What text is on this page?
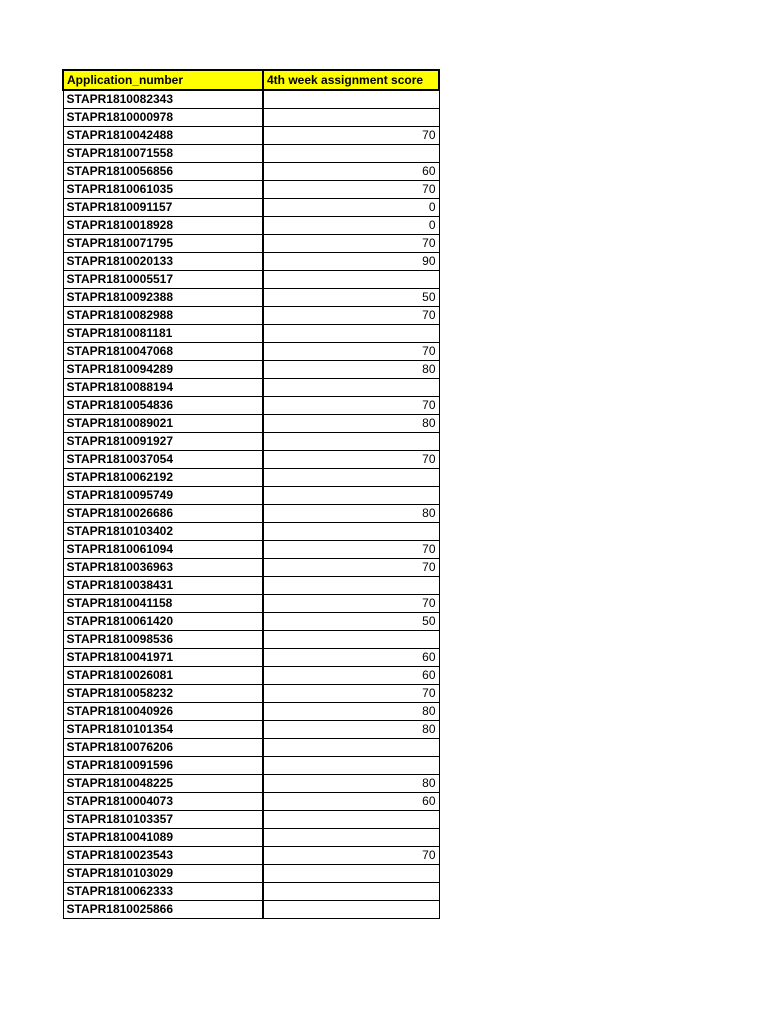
Application_number	4th week assignment score
STAPR1810082343	
STAPR1810000978	
STAPR1810042488	70
STAPR1810071558	
STAPR1810056856	60
STAPR1810061035	70
STAPR1810091157	0
STAPR1810018928	0
STAPR1810071795	70
STAPR1810020133	90
STAPR1810005517	
STAPR1810092388	50
STAPR1810082988	70
STAPR1810081181	
STAPR1810047068	70
STAPR1810094289	80
STAPR1810088194	
STAPR1810054836	70
STAPR1810089021	80
STAPR1810091927	
STAPR1810037054	70
STAPR1810062192	
STAPR1810095749	
STAPR1810026686	80
STAPR1810103402	
STAPR1810061094	70
STAPR1810036963	70
STAPR1810038431	
STAPR1810041158	70
STAPR1810061420	50
STAPR1810098536	
STAPR1810041971	60
STAPR1810026081	60
STAPR1810058232	70
STAPR1810040926	80
STAPR1810101354	80
STAPR1810076206	
STAPR1810091596	
STAPR1810048225	80
STAPR1810004073	60
STAPR1810103357	
STAPR1810041089	
STAPR1810023543	70
STAPR1810103029	
STAPR1810062333	
STAPR1810025866	
